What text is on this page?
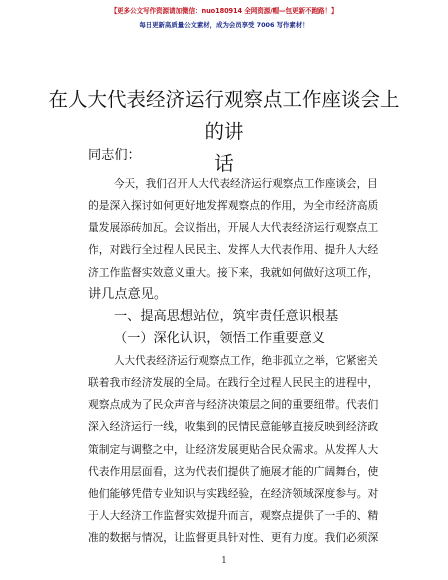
【更多公文写作资源请加微信：nuo180914 全网资源/帽—包更新不跑路！】
每日更新高质量公文素材，成为会员享受 7006 写作素材！
在人大代表经济运行观察点工作座谈会上的讲
话
同志们：
今天，我们召开人大代表经济运行观察点工作座谈会，目
的是深入探讨如何更好地发挥观察点的作用，为全市经济高质
量发展添砖加瓦。会议指出，开展人大代表经济运行观察点工
作，对践行全过程人民民主、发挥人大代表作用、提升人大经
济工作监督实效意义重大。接下来，我就如何做好这项工作，
讲几点意见。
一、提高思想站位，筑牢责任意识根基
（一）深化认识，领悟工作重要意义
人大代表经济运行观察点工作，绝非孤立之举，它紧密关
联着我市经济发展的全局。在践行全过程人民民主的进程中，
观察点成为了民众声音与经济决策层之间的重要纽带。代表们
深入经济运行一线，收集到的民情民意能够直接反映到经济政
策制定与调整之中，让经济发展更贴合民众需求。从发挥人大
代表作用层面看，这为代表们提供了施展才能的广阔舞台，使
他们能够凭借专业知识与实践经验，在经济领域深度参与。对
于人大经济工作监督实效提升而言，观察点提供了一手的、精
准的数据与情况，让监督更具针对性、更有力度。我们必须深
1
